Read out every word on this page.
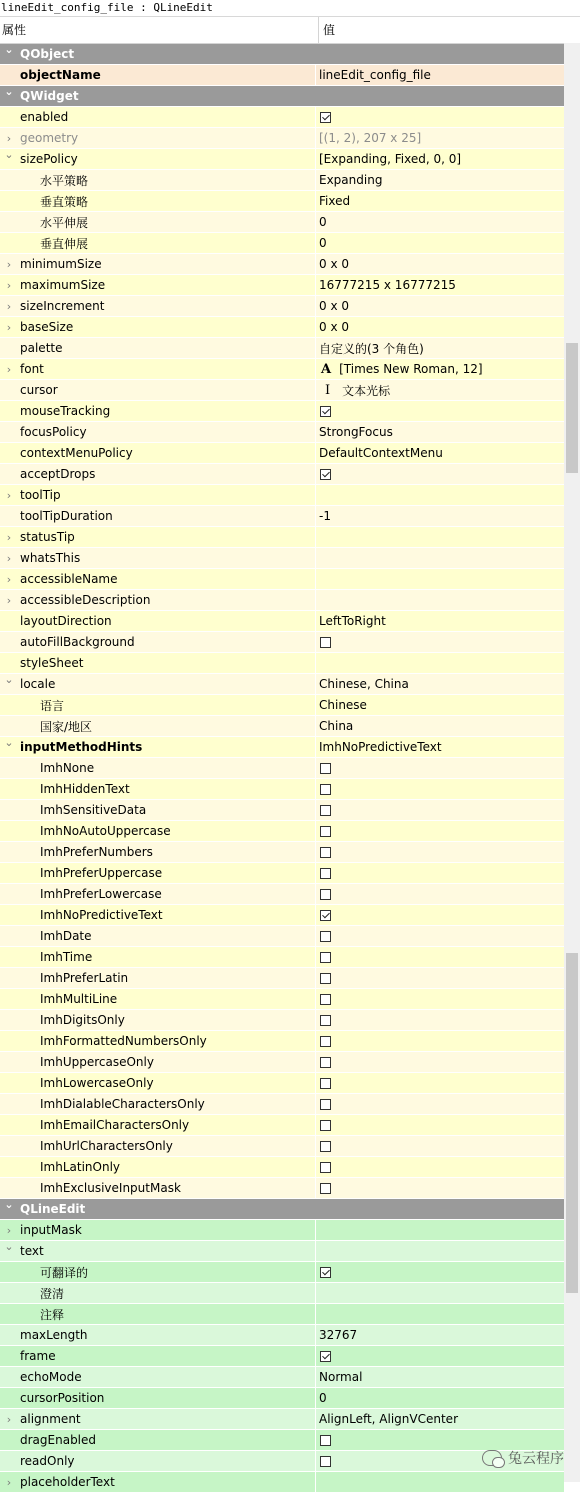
lineEdit_config_file : QLineEdit
属性	值
⌄ QObject
objectName	lineEdit_config_file
⌄ QWidget
enabled
› geometry	[(1, 2), 207 x 25]
⌄ sizePolicy	[Expanding, Fixed, 0, 0]
水平策略	Expanding
垂直策略	Fixed
水平伸展	0
垂直伸展	0
› minimumSize	0 x 0
› maximumSize	16777215 x 16777215
› sizeIncrement	0 x 0
› baseSize	0 x 0
palette	自定义的(3 个角色)
› font	A [Times New Roman, 12]
cursor	I 文本光标
mouseTracking
focusPolicy	StrongFocus
contextMenuPolicy	DefaultContextMenu
acceptDrops
› toolTip
toolTipDuration	-1
› statusTip
› whatsThis
› accessibleName
› accessibleDescription
layoutDirection	LeftToRight
autoFillBackground
styleSheet
⌄ locale	Chinese, China
语言	Chinese
国家/地区	China
⌄ inputMethodHints	ImhNoPredictiveText
ImhNone
ImhHiddenText
ImhSensitiveData
ImhNoAutoUppercase
ImhPreferNumbers
ImhPreferUppercase
ImhPreferLowercase
ImhNoPredictiveText
ImhDate
ImhTime
ImhPreferLatin
ImhMultiLine
ImhDigitsOnly
ImhFormattedNumbersOnly
ImhUppercaseOnly
ImhLowercaseOnly
ImhDialableCharactersOnly
ImhEmailCharactersOnly
ImhUrlCharactersOnly
ImhLatinOnly
ImhExclusiveInputMask
⌄ QLineEdit
› inputMask
⌄ text
可翻译的
澄清
注释
maxLength	32767
frame
echoMode	Normal
cursorPosition	0
› alignment	AlignLeft, AlignVCenter
dragEnabled
readOnly
› placeholderText
兔云程序
